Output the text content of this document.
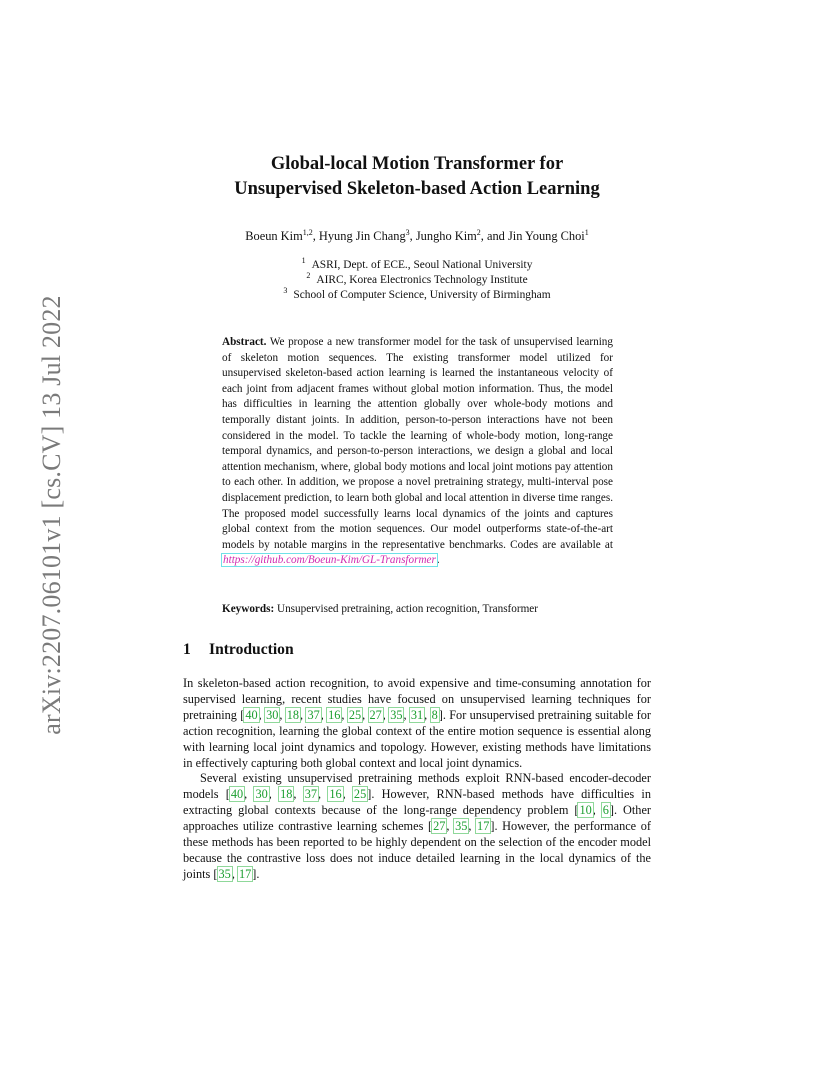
arXiv:2207.06101v1 [cs.CV] 13 Jul 2022
Global-local Motion Transformer for
Unsupervised Skeleton-based Action Learning
Boeun Kim$^{1,2}$, Hyung Jin Chang$^3$, Jungho Kim$^2$, and Jin Young Choi$^1$
$^1$ ASRI, Dept. of ECE., Seoul National University
$^2$ AIRC, Korea Electronics Technology Institute
$^3$ School of Computer Science, University of Birmingham
Abstract. We propose a new transformer model for the task of unsupervised learning of skeleton motion sequences. The existing transformer model utilized for unsupervised skeleton-based action learning is learned the instantaneous velocity of each joint from adjacent frames without global motion information. Thus, the model has difficulties in learning the attention globally over whole-body motions and temporally distant joints. In addition, person-to-person interactions have not been considered in the model. To tackle the learning of whole-body motion, long-range temporal dynamics, and person-to-person interactions, we design a global and local attention mechanism, where, global body motions and local joint motions pay attention to each other. In addition, we propose a novel pretraining strategy, multi-interval pose displacement prediction, to learn both global and local attention in diverse time ranges. The proposed model successfully learns local dynamics of the joints and captures global context from the motion sequences. Our model outperforms state-of-the-art models by notable margins in the representative benchmarks. Codes are available at https://github.com/Boeun-Kim/GL-Transformer.
Keywords: Unsupervised pretraining, action recognition, Transformer
1 Introduction

In skeleton-based action recognition, to avoid expensive and time-consuming annotation for supervised learning, recent studies have focused on unsupervised learning techniques for pretraining [40, 30, 18, 37, 16, 25, 27, 35, 31, 8]. For unsupervised pretraining suitable for action recognition, learning the global context of the entire motion sequence is essential along with learning local joint dynamics and topology. However, existing methods have limitations in effectively capturing both global context and local joint dynamics.

Several existing unsupervised pretraining methods exploit RNN-based encoder-decoder models [40, 30, 18, 37, 16, 25]. However, RNN-based methods have difficulties in extracting global contexts because of the long-range dependency problem [10, 6]. Other approaches utilize contrastive learning schemes [27, 35, 17]. However, the performance of these methods has been reported to be highly dependent on the selection of the encoder model because the contrastive loss does not induce detailed learning in the local dynamics of the joints [35, 17].
